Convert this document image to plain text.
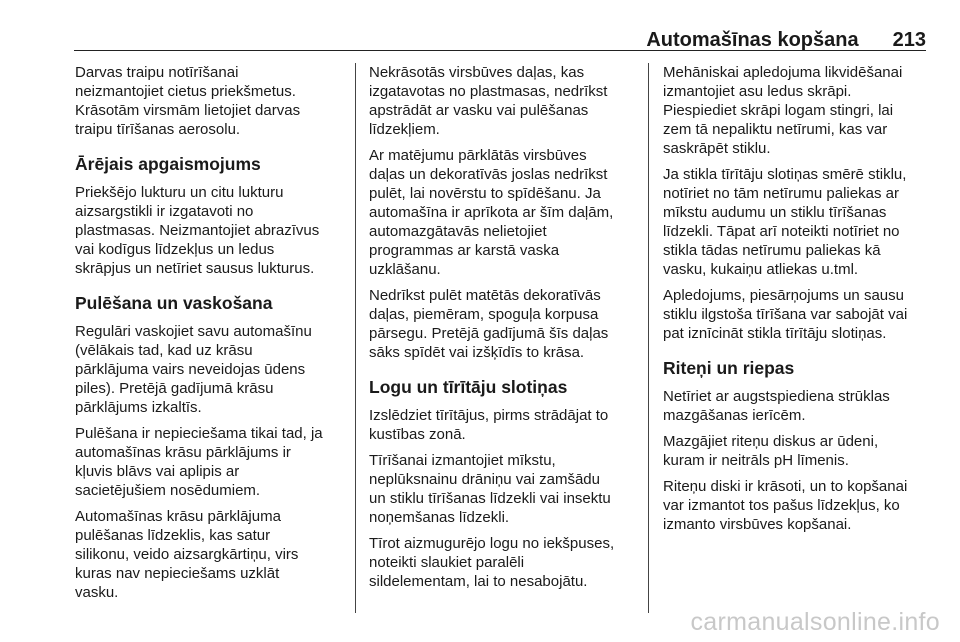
Automašīnas kopšana 213

Darvas traipu notīrīšanai
neizmantojiet cietus priekšmetus.
Krāsotām virsmām lietojiet darvas
traipu tīrīšanas aerosolu.

Ārējais apgaismojums

Priekšējo lukturu un citu lukturu
aizsargstikli ir izgatavoti no
plastmasas. Neizmantojiet abrazīvus
vai kodīgus līdzekļus un ledus
skrāpjus un netīriet sausus lukturus.

Pulēšana un vaskošana

Regulāri vaskojiet savu automašīnu
(vēlākais tad, kad uz krāsu
pārklājuma vairs neveidojas ūdens
piles). Pretējā gadījumā krāsu
pārklājums izkaltīs.

Pulēšana ir nepieciešama tikai tad, ja
automašīnas krāsu pārklājums ir
kļuvis blāvs vai aplipis ar
sacietējušiem nosēdumiem.

Automašīnas krāsu pārklājuma
pulēšanas līdzeklis, kas satur
silikonu, veido aizsargkārtiņu, virs
kuras nav nepieciešams uzklāt
vasku.

Nekrāsotās virsbūves daļas, kas
izgatavotas no plastmasas, nedrīkst
apstrādāt ar vasku vai pulēšanas
līdzekļiem.

Ar matējumu pārklātās virsbūves
daļas un dekoratīvās joslas nedrīkst
pulēt, lai novērstu to spīdēšanu. Ja
automašīna ir aprīkota ar šīm daļām,
automazgātavās nelietojiet
programmas ar karstā vaska
uzklāšanu.

Nedrīkst pulēt matētās dekoratīvās
daļas, piemēram, spoguļa korpusa
pārsegu. Pretējā gadījumā šīs daļas
sāks spīdēt vai izšķīdīs to krāsa.

Logu un tīrītāju slotiņas

Izslēdziet tīrītājus, pirms strādājat to
kustības zonā.

Tīrīšanai izmantojiet mīkstu,
neplūksnainu drāniņu vai zamšādu
un stiklu tīrīšanas līdzekli vai insektu
noņemšanas līdzekli.

Tīrot aizmugurējo logu no iekšpuses,
noteikti slaukiet paralēli
sildelementam, lai to nesabojātu.

Mehāniskai apledojuma likvidēšanai
izmantojiet asu ledus skrāpi.
Piespiediet skrāpi logam stingri, lai
zem tā nepaliktu netīrumi, kas var
saskrāpēt stiklu.

Ja stikla tīrītāju slotiņas smērē stiklu,
notīriet no tām netīrumu paliekas ar
mīkstu audumu un stiklu tīrīšanas
līdzekli. Tāpat arī noteikti notīriet no
stikla tādas netīrumu paliekas kā
vasku, kukaiņu atliekas u.tml.

Apledojums, piesārņojums un sausu
stiklu ilgstoša tīrīšana var sabojāt vai
pat iznīcināt stikla tīrītāju slotiņas.

Riteņi un riepas

Netīriet ar augstspiediena strūklas
mazgāšanas ierīcēm.

Mazgājiet riteņu diskus ar ūdeni,
kuram ir neitrāls pH līmenis.

Riteņu diski ir krāsoti, un to kopšanai
var izmantot tos pašus līdzekļus, ko
izmanto virsbūves kopšanai.

carmanualsonline.info
